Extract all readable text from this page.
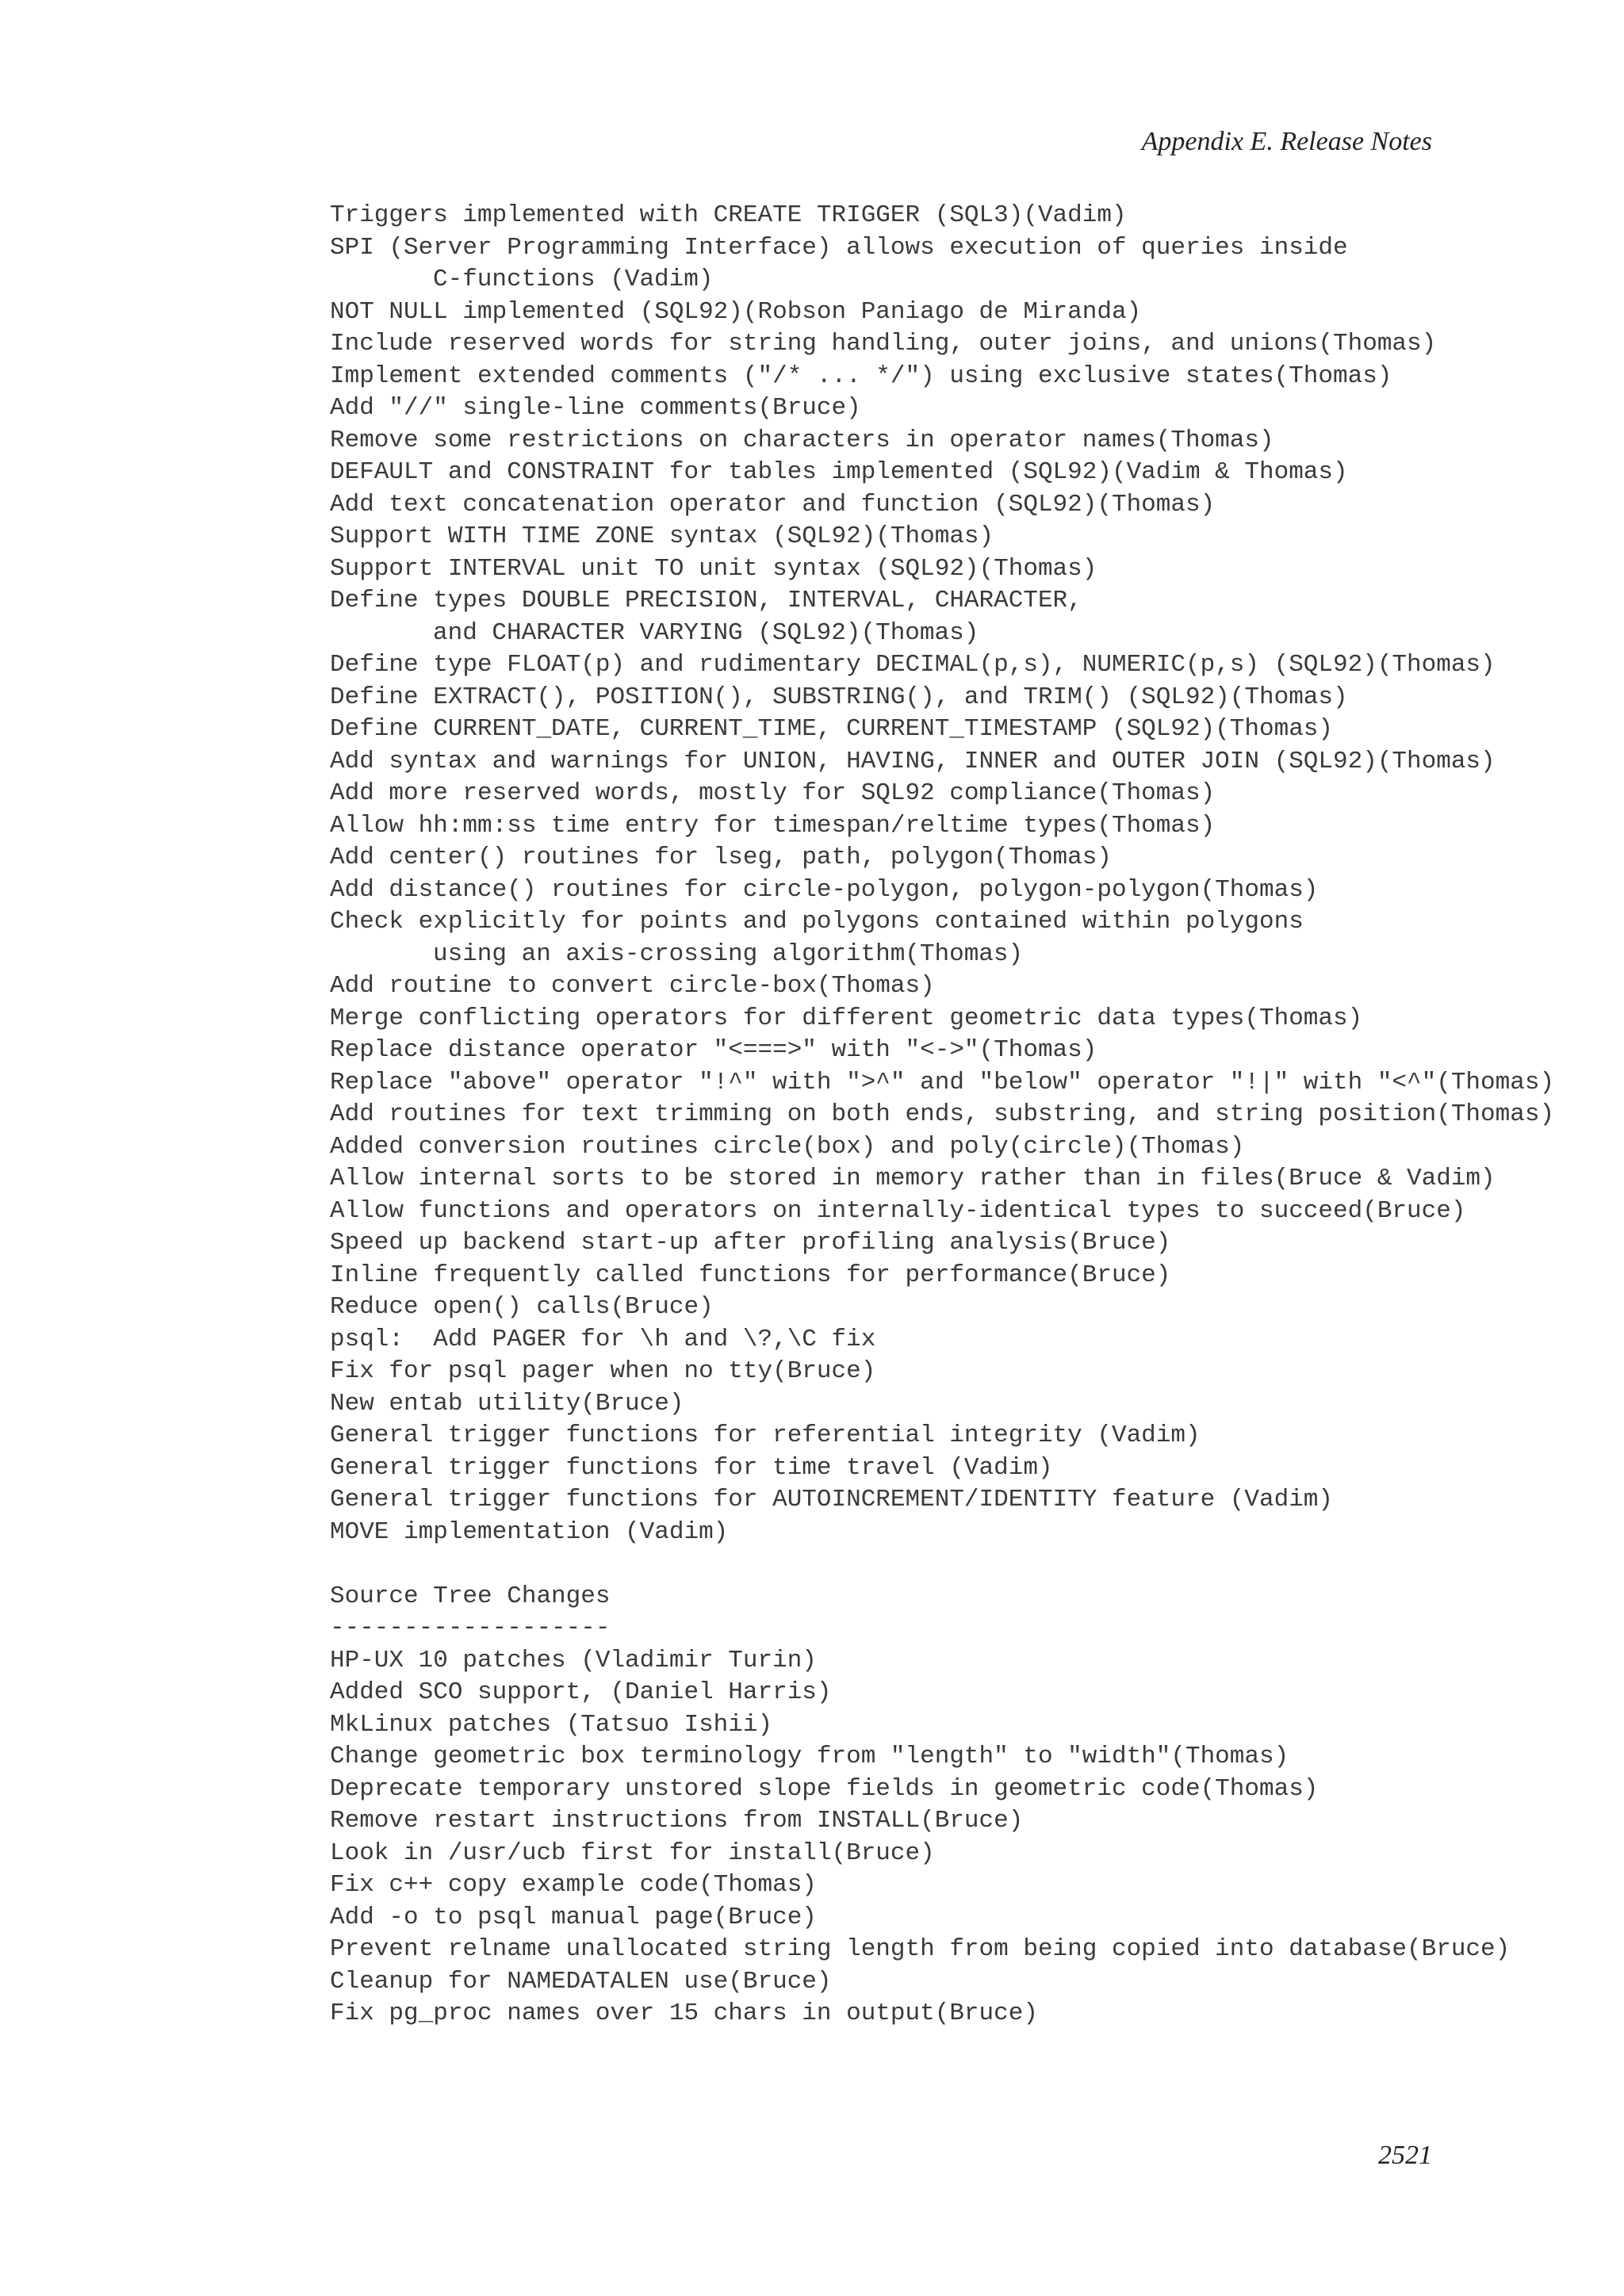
Appendix E. Release Notes
Triggers implemented with CREATE TRIGGER (SQL3)(Vadim)
SPI (Server Programming Interface) allows execution of queries inside
C-functions (Vadim)
NOT NULL implemented (SQL92)(Robson Paniago de Miranda)
Include reserved words for string handling, outer joins, and unions(Thomas)
Implement extended comments ("/* ... */") using exclusive states(Thomas)
Add "//" single-line comments(Bruce)
Remove some restrictions on characters in operator names(Thomas)
DEFAULT and CONSTRAINT for tables implemented (SQL92)(Vadim & Thomas)
Add text concatenation operator and function (SQL92)(Thomas)
Support WITH TIME ZONE syntax (SQL92)(Thomas)
Support INTERVAL unit TO unit syntax (SQL92)(Thomas)
Define types DOUBLE PRECISION, INTERVAL, CHARACTER,
and CHARACTER VARYING (SQL92)(Thomas)
Define type FLOAT(p) and rudimentary DECIMAL(p,s), NUMERIC(p,s) (SQL92)(Thomas)
Define EXTRACT(), POSITION(), SUBSTRING(), and TRIM() (SQL92)(Thomas)
Define CURRENT_DATE, CURRENT_TIME, CURRENT_TIMESTAMP (SQL92)(Thomas)
Add syntax and warnings for UNION, HAVING, INNER and OUTER JOIN (SQL92)(Thomas)
Add more reserved words, mostly for SQL92 compliance(Thomas)
Allow hh:mm:ss time entry for timespan/reltime types(Thomas)
Add center() routines for lseg, path, polygon(Thomas)
Add distance() routines for circle-polygon, polygon-polygon(Thomas)
Check explicitly for points and polygons contained within polygons
using an axis-crossing algorithm(Thomas)
Add routine to convert circle-box(Thomas)
Merge conflicting operators for different geometric data types(Thomas)
Replace distance operator "<===>" with "<->"(Thomas)
Replace "above" operator "!^" with ">^" and "below" operator "!|" with "<^"(Thomas)
Add routines for text trimming on both ends, substring, and string position(Thomas)
Added conversion routines circle(box) and poly(circle)(Thomas)
Allow internal sorts to be stored in memory rather than in files(Bruce & Vadim)
Allow functions and operators on internally-identical types to succeed(Bruce)
Speed up backend start-up after profiling analysis(Bruce)
Inline frequently called functions for performance(Bruce)
Reduce open() calls(Bruce)
psql:  Add PAGER for \h and \?,\C fix
Fix for psql pager when no tty(Bruce)
New entab utility(Bruce)
General trigger functions for referential integrity (Vadim)
General trigger functions for time travel (Vadim)
General trigger functions for AUTOINCREMENT/IDENTITY feature (Vadim)
MOVE implementation (Vadim)
Source Tree Changes
-------------------
HP-UX 10 patches (Vladimir Turin)
Added SCO support, (Daniel Harris)
MkLinux patches (Tatsuo Ishii)
Change geometric box terminology from "length" to "width"(Thomas)
Deprecate temporary unstored slope fields in geometric code(Thomas)
Remove restart instructions from INSTALL(Bruce)
Look in /usr/ucb first for install(Bruce)
Fix c++ copy example code(Thomas)
Add -o to psql manual page(Bruce)
Prevent relname unallocated string length from being copied into database(Bruce)
Cleanup for NAMEDATALEN use(Bruce)
Fix pg_proc names over 15 chars in output(Bruce)
2521
